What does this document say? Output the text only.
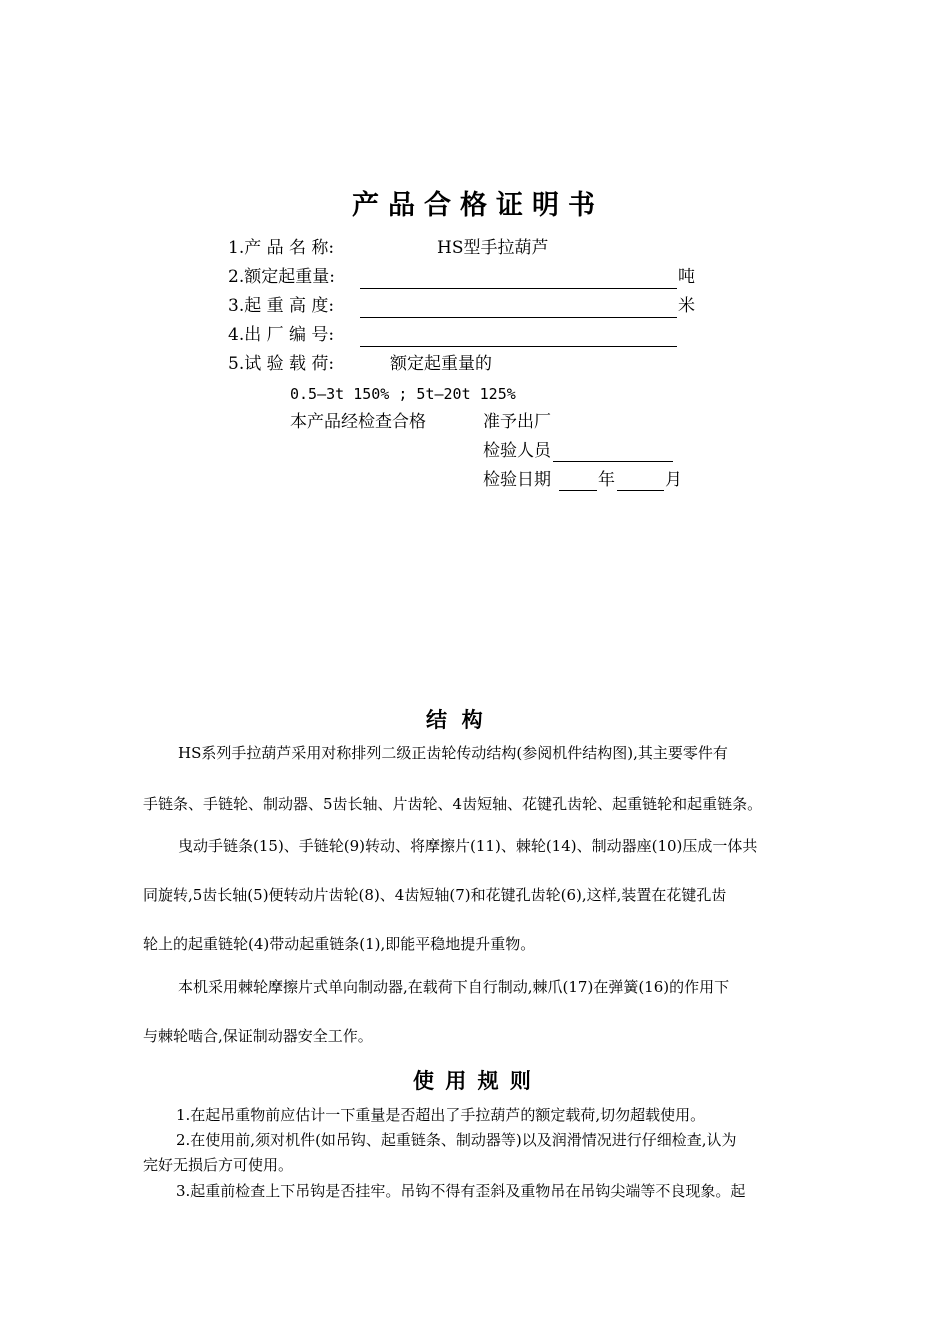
产品合格证明书
1.产 品 名 称:	HS型手拉葫芦
2.额定起重量:	吨
3.起 重 高 度:	米
4.出 厂 编 号:
5.试 验 载 荷:	额定起重量的
0.5—3t 150% ; 5t—20t 125%
本产品经检查合格	准予出厂
检验人员
检验日期	年	月
结  构
HS系列手拉葫芦采用对称排列二级正齿轮传动结构(参阅机件结构图),其主要零件有
手链条、手链轮、制动器、5齿长轴、片齿轮、4齿短轴、花键孔齿轮、起重链轮和起重链条。
曳动手链条(15)、手链轮(9)转动、将摩擦片(11)、棘轮(14)、制动器座(10)压成一体共
同旋转,5齿长轴(5)便转动片齿轮(8)、4齿短轴(7)和花键孔齿轮(6),这样,装置在花键孔齿
轮上的起重链轮(4)带动起重链条(1),即能平稳地提升重物。
本机采用棘轮摩擦片式单向制动器,在载荷下自行制动,棘爪(17)在弹簧(16)的作用下
与棘轮啮合,保证制动器安全工作。
使 用 规 则
1.在起吊重物前应估计一下重量是否超出了手拉葫芦的额定载荷,切勿超载使用。
2.在使用前,须对机件(如吊钩、起重链条、制动器等)以及润滑情况进行仔细检查,认为
完好无损后方可使用。
3.起重前检查上下吊钩是否挂牢。吊钩不得有歪斜及重物吊在吊钩尖端等不良现象。起
